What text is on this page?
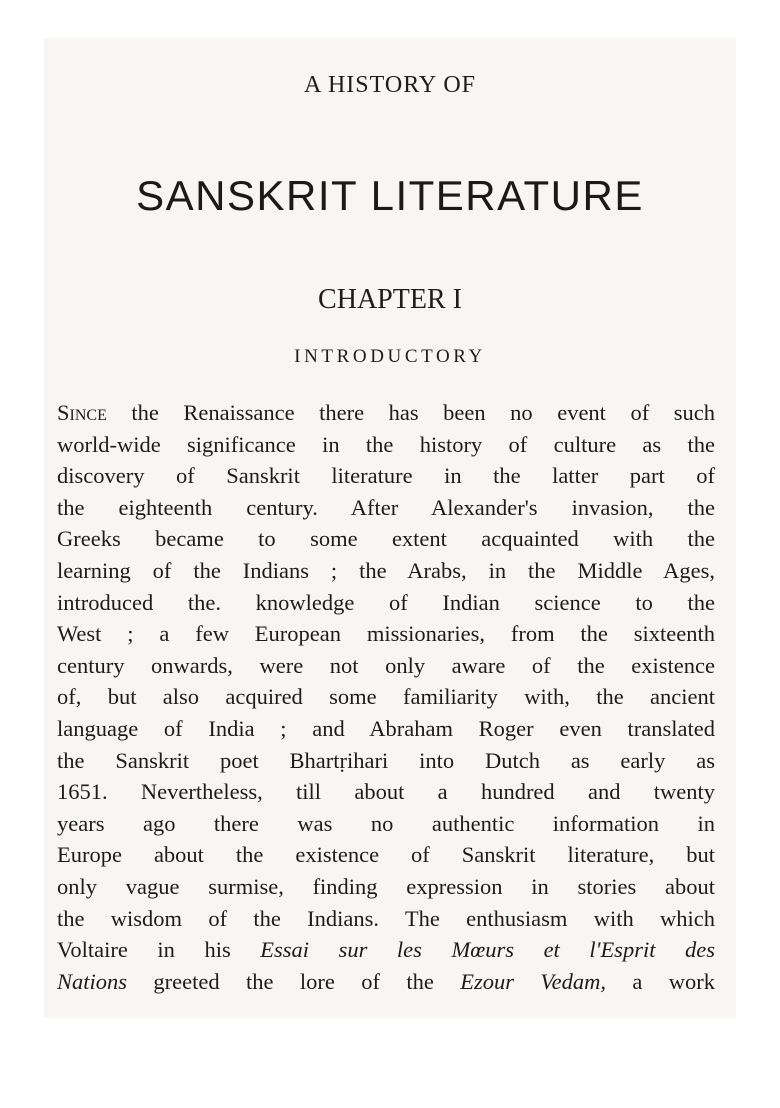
A HISTORY OF
SANSKRIT LITERATURE
CHAPTER I
INTRODUCTORY
Since the Renaissance there has been no event of such
world-wide significance in the history of culture as the
discovery of Sanskrit literature in the latter part of
the eighteenth century. After Alexander's invasion, the
Greeks became to some extent acquainted with the
learning of the Indians ; the Arabs, in the Middle Ages,
introduced the. knowledge of Indian science to the
West ; a few European missionaries, from the sixteenth
century onwards, were not only aware of the existence
of, but also acquired some familiarity with, the ancient
language of India ; and Abraham Roger even translated
the Sanskrit poet Bhartṛihari into Dutch as early as
1651. Nevertheless, till about a hundred and twenty
years ago there was no authentic information in
Europe about the existence of Sanskrit literature, but
only vague surmise, finding expression in stories about
the wisdom of the Indians. The enthusiasm with which
Voltaire in his Essai sur les Mœurs et l'Esprit des
Nations greeted the lore of the Ezour Vedam, a work
